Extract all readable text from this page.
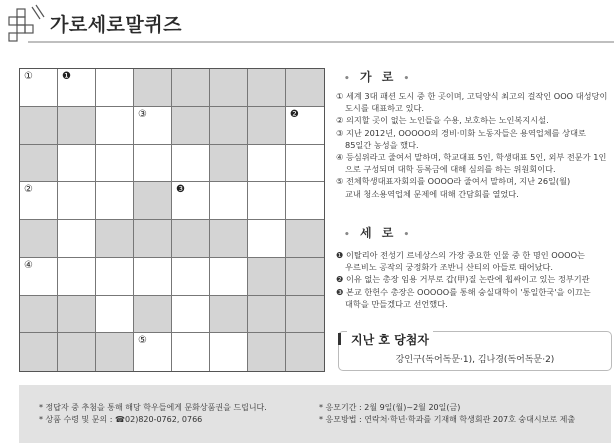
가로세로말퀴즈
①	❶
③	❷
②	❸
④
⑤
• 가 로 •
① 세계 3대 패션 도시 중 한 곳이며, 고딕양식 최고의 걸작인 OOO 대성당이
도시를 대표하고 있다.
② 의지할 곳이 없는 노인들을 수용, 보호하는 노인복지시설.
③ 지난 2012년, OOOOO의 경비·미화 노동자들은 용역업체를 상대로
85일간 농성을 했다.
④ 등심위라고 줄여서 말하며, 학교대표 5인, 학생대표 5인, 외부 전문가 1인
으로 구성되며 대학 등록금에 대해 심의를 하는 위원회이다.
⑤ 전체학생대표자회의를 OOOO라 줄여서 말하며, 지난 26일(월)
교내 청소용역업체 문제에 대해 간담회를 열었다.
• 세 로 •
❶ 이탈리아 전성기 르네상스의 가장 중요한 인물 중 한 명인 OOOO는
우르비노 공작의 궁정화가 조반니 산티의 아들로 태어났다.
❷ 이유 없는 총장 임용 거부로 갑(甲)질 논란에 휩싸이고 있는 정부기관
❸ 본교 한헌수 총장은 OOOOO를 통해 숭실대학이 '통일한국'을 이끄는
대학을 만들겠다고 선언했다.
지난 호 당첨자
강인구(독어독문·1), 김나경(독어독문·2)
* 정답자 중 추첨을 통해 해당 학우들에게 문화상품권을 드립니다.
* 상품 수령 및 문의 : ☎02)820-0762, 0766
* 응모기간 : 2월 9일(월)~2월 20일(금)
* 응모방법 : 연락처·학년·학과를 기재해 학생회관 207호 숭대시보로 제출
